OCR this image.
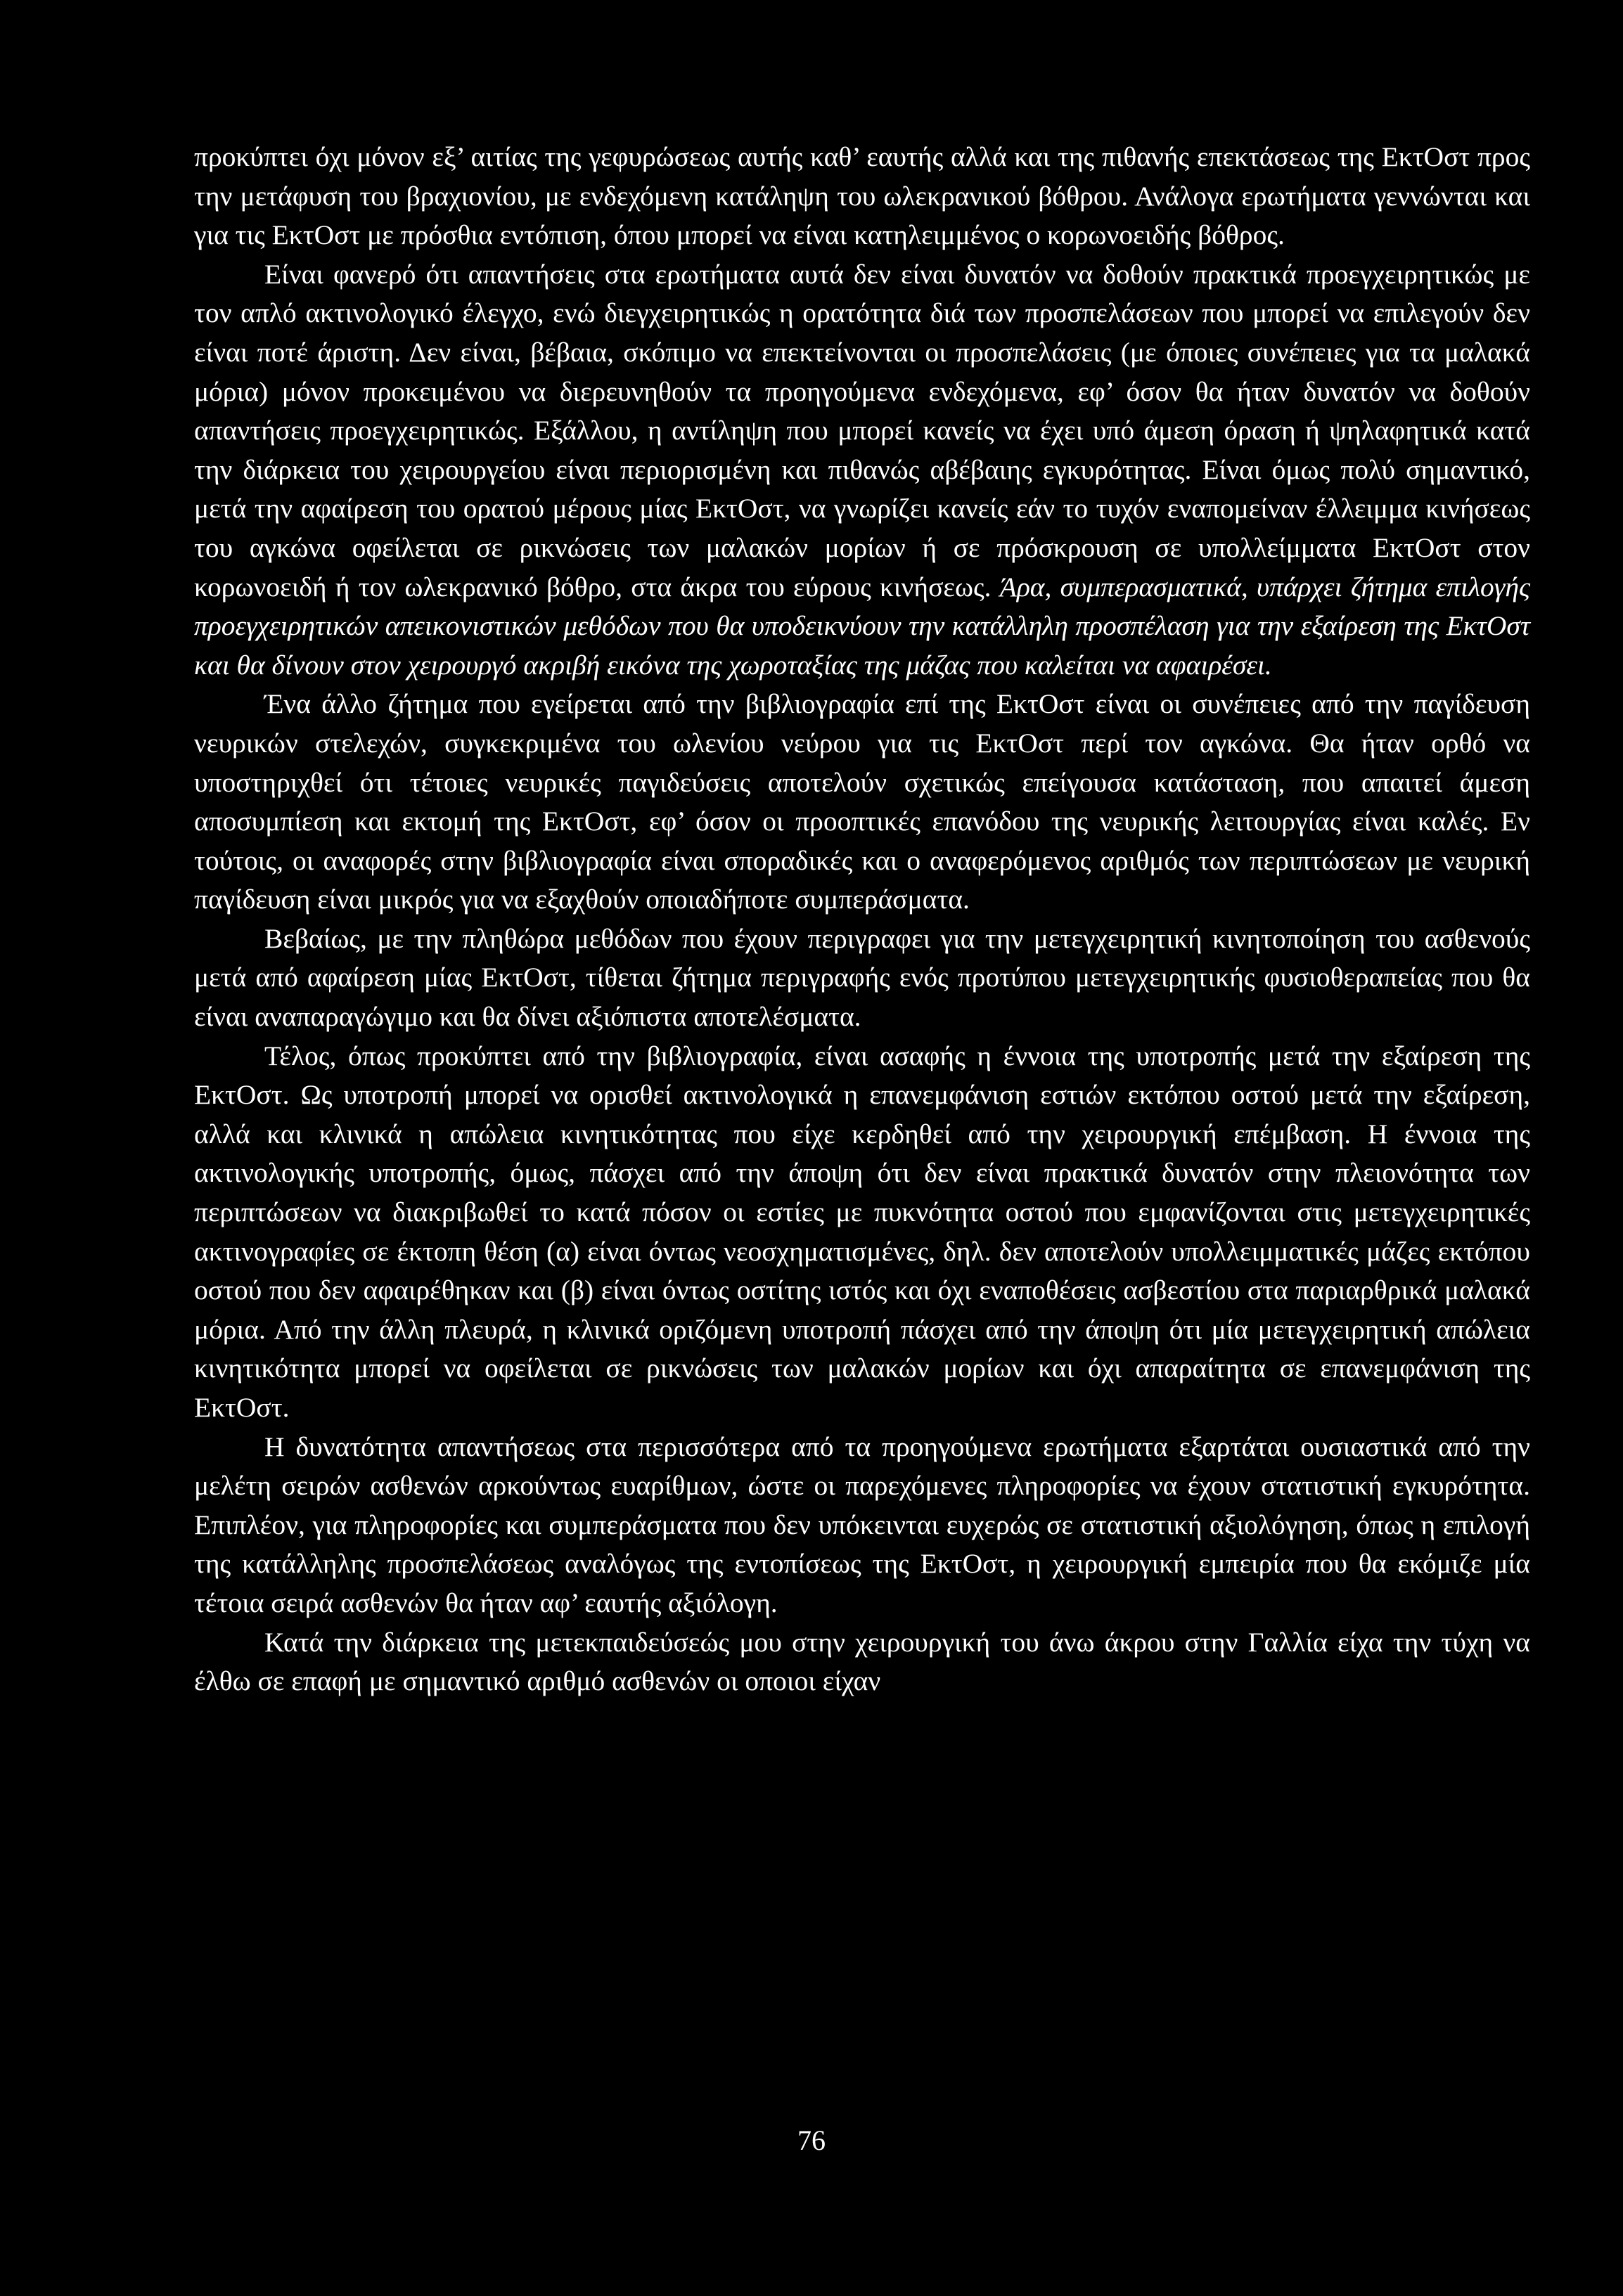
προκύπτει όχι μόνον εξ’ αιτίας της γεφυρώσεως αυτής καθ’ εαυτής αλλά και της πιθανής επεκτάσεως της ΕκτΟστ προς την μετάφυση του βραχιονίου, με ενδεχόμενη κατάληψη του ωλεκρανικού βόθρου. Ανάλογα ερωτήματα γεννώνται και για τις ΕκτΟστ με πρόσθια εντόπιση, όπου μπορεί να είναι κατηλειμμένος ο κορωνοειδής βόθρος.

Είναι φανερό ότι απαντήσεις στα ερωτήματα αυτά δεν είναι δυνατόν να δοθούν πρακτικά προεγχειρητικώς με τον απλό ακτινολογικό έλεγχο, ενώ διεγχειρητικώς η ορατότητα διά των προσπελάσεων που μπορεί να επιλεγούν δεν είναι ποτέ άριστη. Δεν είναι, βέβαια, σκόπιμο να επεκτείνονται οι προσπελάσεις (με όποιες συνέπειες για τα μαλακά μόρια) μόνον προκειμένου να διερευνηθούν τα προηγούμενα ενδεχόμενα, εφ’ όσον θα ήταν δυνατόν να δοθούν απαντήσεις προεγχειρητικώς. Εξάλλου, η αντίληψη που μπορεί κανείς να έχει υπό άμεση όραση ή ψηλαφητικά κατά την διάρκεια του χειρουργείου είναι περιορισμένη και πιθανώς αβέβαιης εγκυρότητας. Είναι όμως πολύ σημαντικό, μετά την αφαίρεση του ορατού μέρους μίας ΕκτΟστ, να γνωρίζει κανείς εάν το τυχόν εναπομείναν έλλειμμα κινήσεως του αγκώνα οφείλεται σε ρικνώσεις των μαλακών μορίων ή σε πρόσκρουση σε υπολλείμματα ΕκτΟστ στον κορωνοειδή ή τον ωλεκρανικό βόθρο, στα άκρα του εύρους κινήσεως. Άρα, συμπερασματικά, υπάρχει ζήτημα επιλογής προεγχειρητικών απεικονιστικών μεθόδων που θα υποδεικνύουν την κατάλληλη προσπέλαση για την εξαίρεση της ΕκτΟστ και θα δίνουν στον χειρουργό ακριβή εικόνα της χωροταξίας της μάζας που καλείται να αφαιρέσει.

Ένα άλλο ζήτημα που εγείρεται από την βιβλιογραφία επί της ΕκτΟστ είναι οι συνέπειες από την παγίδευση νευρικών στελεχών, συγκεκριμένα του ωλενίου νεύρου για τις ΕκτΟστ περί τον αγκώνα. Θα ήταν ορθό να υποστηριχθεί ότι τέτοιες νευρικές παγιδεύσεις αποτελούν σχετικώς επείγουσα κατάσταση, που απαιτεί άμεση αποσυμπίεση και εκτομή της ΕκτΟστ, εφ’ όσον οι προοπτικές επανόδου της νευρικής λειτουργίας είναι καλές. Εν τούτοις, οι αναφορές στην βιβλιογραφία είναι σποραδικές και ο αναφερόμενος αριθμός των περιπτώσεων με νευρική παγίδευση είναι μικρός για να εξαχθούν οποιαδήποτε συμπεράσματα.

Βεβαίως, με την πληθώρα μεθόδων που έχουν περιγραφει για την μετεγχειρητική κινητοποίηση του ασθενούς μετά από αφαίρεση μίας ΕκτΟστ, τίθεται ζήτημα περιγραφής ενός προτύπου μετεγχειρητικής φυσιοθεραπείας που θα είναι αναπαραγώγιμο και θα δίνει αξιόπιστα αποτελέσματα.

Τέλος, όπως προκύπτει από την βιβλιογραφία, είναι ασαφής η έννοια της υποτροπής μετά την εξαίρεση της ΕκτΟστ. Ως υποτροπή μπορεί να ορισθεί ακτινολογικά η επανεμφάνιση εστιών εκτόπου οστού μετά την εξαίρεση, αλλά και κλινικά η απώλεια κινητικότητας που είχε κερδηθεί από την χειρουργική επέμβαση. Η έννοια της ακτινολογικής υποτροπής, όμως, πάσχει από την άποψη ότι δεν είναι πρακτικά δυνατόν στην πλειονότητα των περιπτώσεων να διακριβωθεί το κατά πόσον οι εστίες με πυκνότητα οστού που εμφανίζονται στις μετεγχειρητικές ακτινογραφίες σε έκτοπη θέση (α) είναι όντως νεοσχηματισμένες, δηλ. δεν αποτελούν υπολλειμματικές μάζες εκτόπου οστού που δεν αφαιρέθηκαν και (β) είναι όντως οστίτης ιστός και όχι εναποθέσεις ασβεστίου στα παριαρθρικά μαλακά μόρια. Από την άλλη πλευρά, η κλινικά οριζόμενη υποτροπή πάσχει από την άποψη ότι μία μετεγχειρητική απώλεια κινητικότητα μπορεί να οφείλεται σε ρικνώσεις των μαλακών μορίων και όχι απαραίτητα σε επανεμφάνιση της ΕκτΟστ.

Η δυνατότητα απαντήσεως στα περισσότερα από τα προηγούμενα ερωτήματα εξαρτάται ουσιαστικά από την μελέτη σειρών ασθενών αρκούντως ευαρίθμων, ώστε οι παρεχόμενες πληροφορίες να έχουν στατιστική εγκυρότητα. Επιπλέον, για πληροφορίες και συμπεράσματα που δεν υπόκεινται ευχερώς σε στατιστική αξιολόγηση, όπως η επιλογή της κατάλληλης προσπελάσεως αναλόγως της εντοπίσεως της ΕκτΟστ, η χειρουργική εμπειρία που θα εκόμιζε μία τέτοια σειρά ασθενών θα ήταν αφ’ εαυτής αξιόλογη.

Κατά την διάρκεια της μετεκπαιδεύσεώς μου στην χειρουργική του άνω άκρου στην Γαλλία είχα την τύχη να έλθω σε επαφή με σημαντικό αριθμό ασθενών οι οποιοι είχαν

76
